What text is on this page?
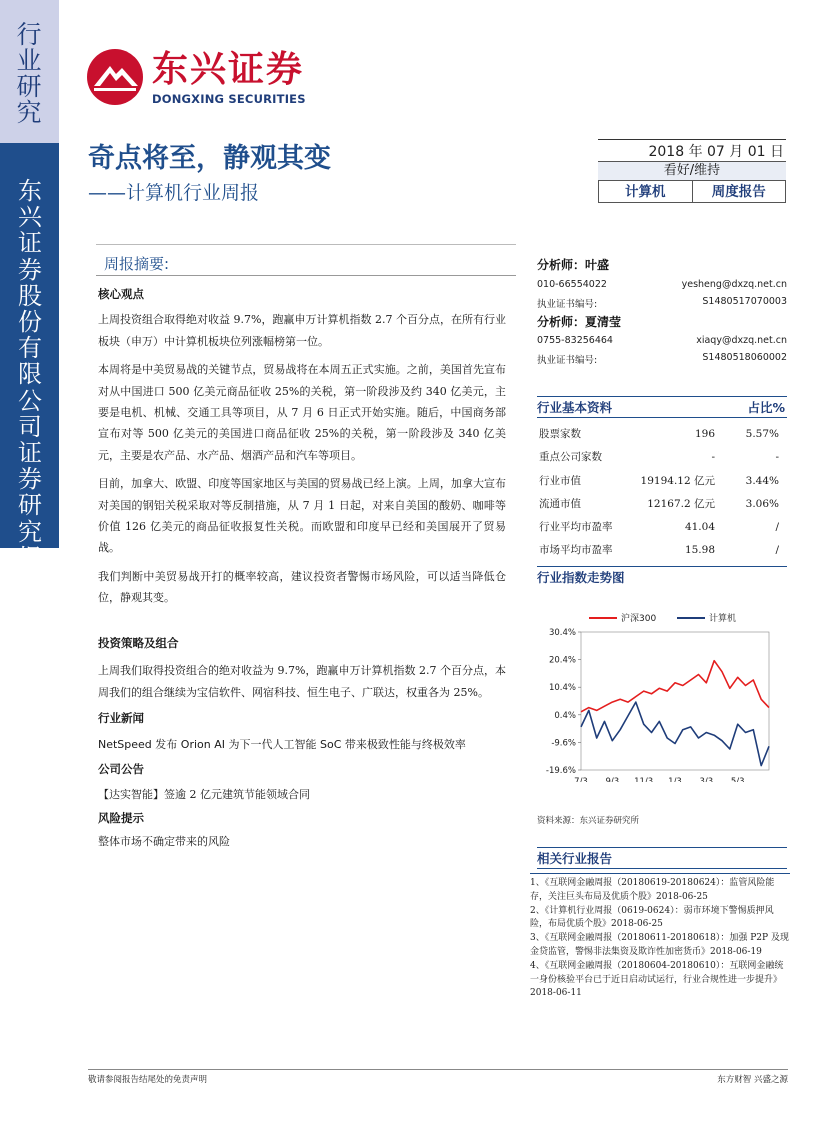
行业研究
东兴证券股份有限公司证券研究报告
东兴证券
DONGXING SECURITIES
奇点将至，静观其变
——计算机行业周报
2018 年 07 月 01 日
看好/维持
计算机	周度报告
周报摘要:

核心观点

上周投资组合取得绝对收益 9.7%，跑赢申万计算机指数 2.7 个百分点，在所有行业板块（申万）中计算机板块位列涨幅榜第一位。

本周将是中美贸易战的关键节点，贸易战将在本周五正式实施。之前，美国首先宣布对从中国进口 500 亿美元商品征收 25%的关税，第一阶段涉及约 340 亿美元，主要是电机、机械、交通工具等项目，从 7 月 6 日正式开始实施。随后，中国商务部宣布对等 500 亿美元的美国进口商品征收 25%的关税，第一阶段涉及 340 亿美元，主要是农产品、水产品、烟酒产品和汽车等项目。

目前，加拿大、欧盟、印度等国家地区与美国的贸易战已经上演。上周，加拿大宣布对美国的钢铝关税采取对等反制措施，从 7 月 1 日起，对来自美国的酸奶、咖啡等价值 126 亿美元的商品征收报复性关税。而欧盟和印度早已经和美国展开了贸易战。

我们判断中美贸易战开打的概率较高，建议投资者警惕市场风险，可以适当降低仓位，静观其变。

投资策略及组合

上周我们取得投资组合的绝对收益为 9.7%，跑赢申万计算机指数 2.7 个百分点，本周我们的组合继续为宝信软件、网宿科技、恒生电子、广联达，权重各为 25%。

行业新闻

NetSpeed 发布 Orion AI 为下一代人工智能 SoC 带来极致性能与终极效率

公司公告

【达实智能】签逾 2 亿元建筑节能领域合同

风险提示

整体市场不确定带来的风险

分析师：叶盛
010-66554022	yesheng@dxzq.net.cn
执业证书编号:	S1480517070003
分析师：夏清莹
0755-83256464	xiaqy@dxzq.net.cn
执业证书编号:	S1480518060002
行业基本资料	占比%
股票家数	196	5.57%
重点公司家数	-	-
行业市值	19194.12 亿元	3.44%
流通市值	12167.2 亿元	3.06%
行业平均市盈率	41.04	/
市场平均市盈率	15.98	/
行业指数走势图
30.4%
20.4%
10.4%
0.4%
-9.6%
-19.6%
7/3 9/3 11/3 1/3 3/3 5/3
沪深300	计算机
资料来源：东兴证券研究所
相关行业报告
1、《互联网金融周报（20180619-20180624）：监管风险能存，关注巨头布局及优质个股》2018-06-25
2、《计算机行业周报（0619-0624）：弱市环境下警惕质押风险，布局优质个股》2018-06-25
3、《互联网金融周报（20180611-20180618）：加强 P2P 及现金贷监管，警惕非法集资及欺诈性加密货币》2018-06-19
4、《互联网金融周报（20180604-20180610）：互联网金融统一身份核验平台已于近日启动试运行，行业合规性进一步提升》2018-06-11
敬请参阅报告结尾处的免责声明	东方财智 兴盛之源
